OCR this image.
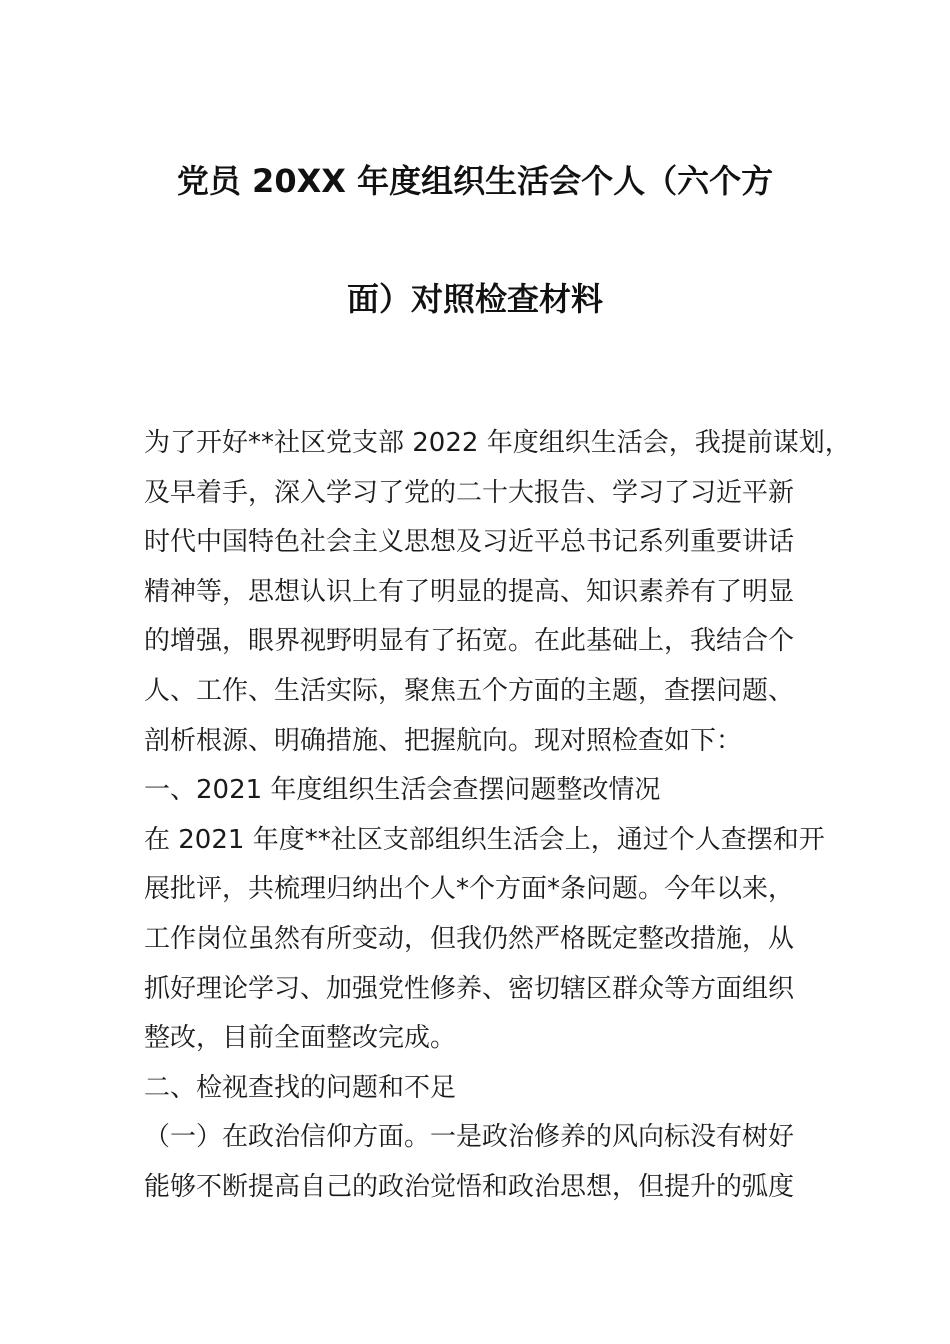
党员 20XX 年度组织生活会个人（六个方
面）对照检查材料
为了开好**社区党支部 2022 年度组织生活会，我提前谋划，
及早着手，深入学习了党的二十大报告、学习了习近平新
时代中国特色社会主义思想及习近平总书记系列重要讲话
精神等，思想认识上有了明显的提高、知识素养有了明显
的增强，眼界视野明显有了拓宽。在此基础上，我结合个
人、工作、生活实际，聚焦五个方面的主题，查摆问题、
剖析根源、明确措施、把握航向。现对照检查如下：
一、2021 年度组织生活会查摆问题整改情况
在 2021 年度**社区支部组织生活会上，通过个人查摆和开
展批评，共梳理归纳出个人*个方面*条问题。今年以来，
工作岗位虽然有所变动，但我仍然严格既定整改措施，从
抓好理论学习、加强党性修养、密切辖区群众等方面组织
整改，目前全面整改完成。
二、检视查找的问题和不足
（一）在政治信仰方面。一是政治修养的风向标没有树好
能够不断提高自己的政治觉悟和政治思想，但提升的弧度
